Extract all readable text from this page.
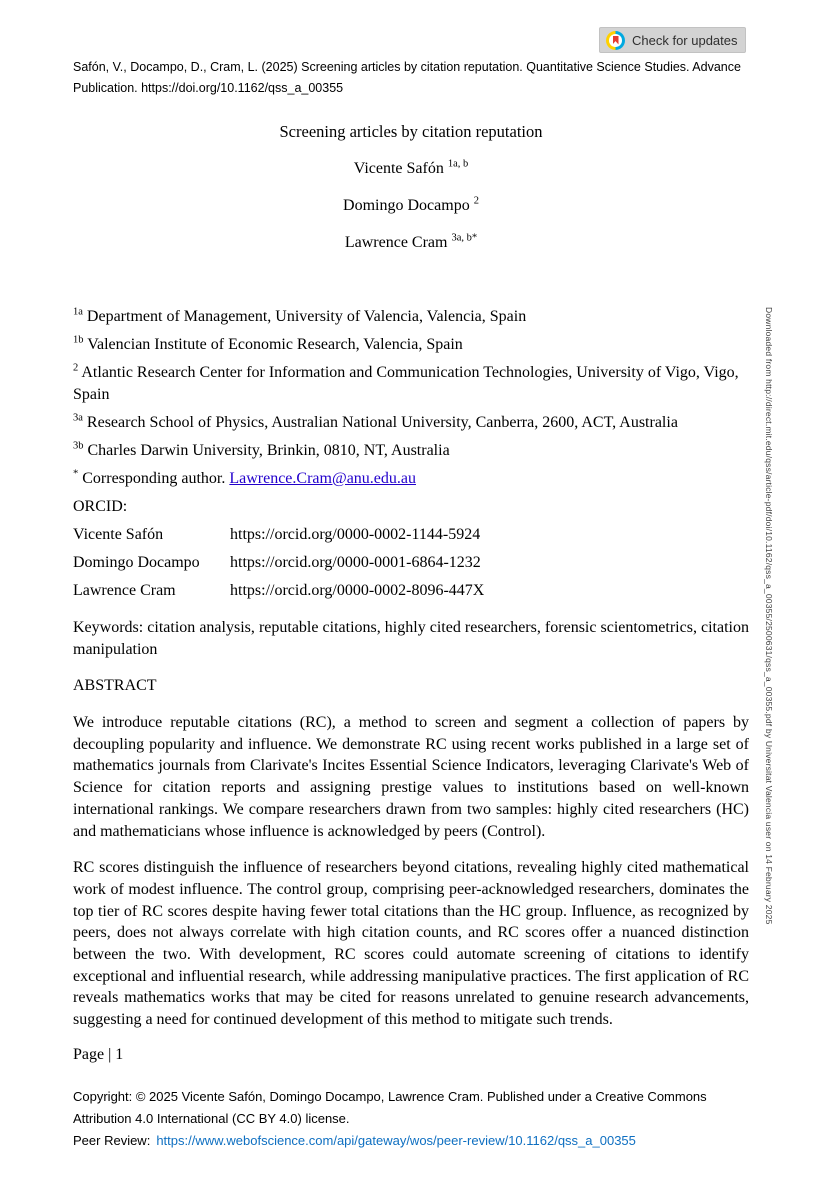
Check for updates

Safón, V., Docampo, D., Cram, L. (2025) Screening articles by citation reputation. Quantitative Science Studies. Advance Publication. https://doi.org/10.1162/qss_a_00355

Screening articles by citation reputation

Vicente Safón $^{1a, b}$

Domingo Docampo $^2$

Lawrence Cram $^{3a, b*}$

$^{1a}$ Department of Management, University of Valencia, Valencia, Spain

$^{1b}$ Valencian Institute of Economic Research, Valencia, Spain

$^2$ Atlantic Research Center for Information and Communication Technologies, University of Vigo, Vigo, Spain

$^{3a}$ Research School of Physics, Australian National University, Canberra, 2600, ACT, Australia

$^{3b}$ Charles Darwin University, Brinkin, 0810, NT, Australia

* Corresponding author. Lawrence.Cram@anu.edu.au

ORCID:

Vicente Safón	https://orcid.org/0000-0002-1144-5924
Domingo Docampo	https://orcid.org/0000-0001-6864-1232
Lawrence Cram	https://orcid.org/0000-0002-8096-447X

Keywords: citation analysis, reputable citations, highly cited researchers, forensic scientometrics, citation manipulation

ABSTRACT

We introduce reputable citations (RC), a method to screen and segment a collection of papers by decoupling popularity and influence. We demonstrate RC using recent works published in a large set of mathematics journals from Clarivate's Incites Essential Science Indicators, leveraging Clarivate's Web of Science for citation reports and assigning prestige values to institutions based on well-known international rankings. We compare researchers drawn from two samples: highly cited researchers (HC) and mathematicians whose influence is acknowledged by peers (Control).

RC scores distinguish the influence of researchers beyond citations, revealing highly cited mathematical work of modest influence. The control group, comprising peer-acknowledged researchers, dominates the top tier of RC scores despite having fewer total citations than the HC group. Influence, as recognized by peers, does not always correlate with high citation counts, and RC scores offer a nuanced distinction between the two. With development, RC scores could automate screening of citations to identify exceptional and influential research, while addressing manipulative practices. The first application of RC reveals mathematics works that may be cited for reasons unrelated to genuine research advancements, suggesting a need for continued development of this method to mitigate such trends.

Page | 1

Copyright: © 2025 Vicente Safón, Domingo Docampo, Lawrence Cram. Published under a Creative Commons Attribution 4.0 International (CC BY 4.0) license.

Peer Review: https://www.webofscience.com/api/gateway/wos/peer-review/10.1162/qss_a_00355

Downloaded from http://direct.mit.edu/qss/article-pdf/doi/10.1162/qss_a_00355/2500631/qss_a_00355.pdf by Universitat Valencia user on 14 February 2025
